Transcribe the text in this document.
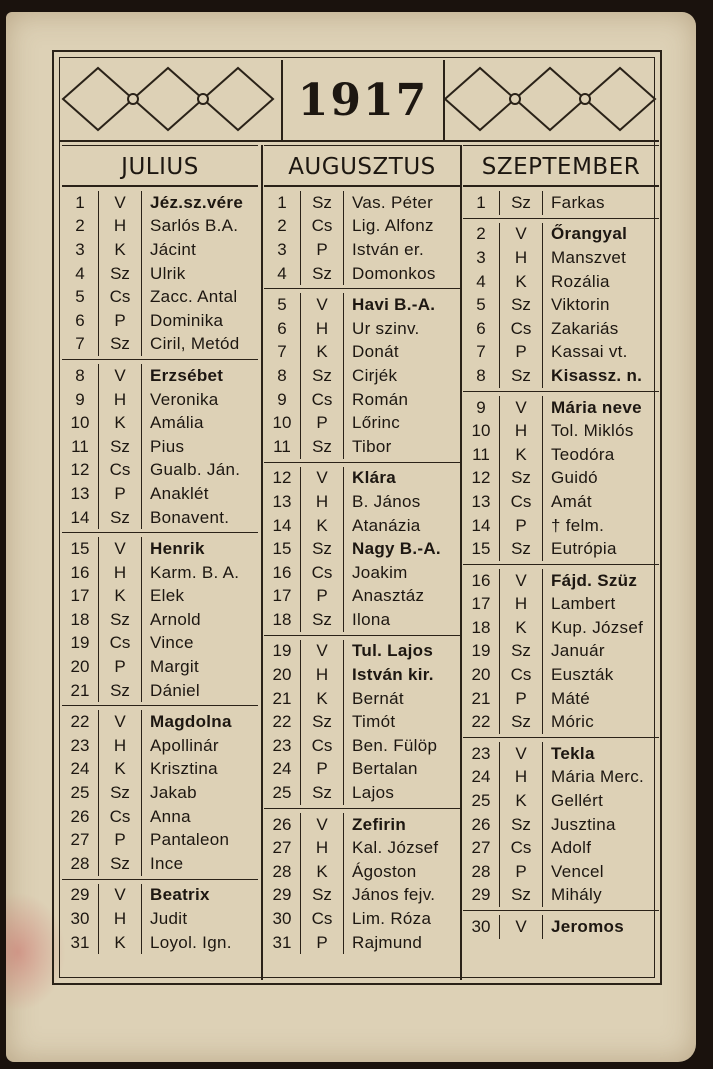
1917
JULIUS
1	V	Jéz.sz.vére
2	H	Sarlós B.A.
3	K	Jácint
4	Sz	Ulrik
5	Cs	Zacc. Antal
6	P	Dominika
7	Sz	Ciril, Metód
8	V	Erzsébet
9	H	Veronika
10	K	Amália
11	Sz	Pius
12	Cs	Gualb. Ján.
13	P	Anaklét
14	Sz	Bonavent.
15	V	Henrik
16	H	Karm. B. A.
17	K	Elek
18	Sz	Arnold
19	Cs	Vince
20	P	Margit
21	Sz	Dániel
22	V	Magdolna
23	H	Apollinár
24	K	Krisztina
25	Sz	Jakab
26	Cs	Anna
27	P	Pantaleon
28	Sz	Ince
29	V	Beatrix
30	H	Judit
31	K	Loyol. Ign.
AUGUSZTUS
1	Sz	Vas. Péter
2	Cs	Lig. Alfonz
3	P	István er.
4	Sz	Domonkos
5	V	Havi B.-A.
6	H	Ur szinv.
7	K	Donát
8	Sz	Cirjék
9	Cs	Román
10	P	Lőrinc
11	Sz	Tibor
12	V	Klára
13	H	B. János
14	K	Atanázia
15	Sz	Nagy B.-A.
16	Cs	Joakim
17	P	Anasztáz
18	Sz	Ilona
19	V	Tul. Lajos
20	H	István kir.
21	K	Bernát
22	Sz	Timót
23	Cs	Ben. Fülöp
24	P	Bertalan
25	Sz	Lajos
26	V	Zefirin
27	H	Kal. József
28	K	Ágoston
29	Sz	János fejv.
30	Cs	Lim. Róza
31	P	Rajmund
SZEPTEMBER
1	Sz	Farkas
2	V	Őrangyal
3	H	Manszvet
4	K	Rozália
5	Sz	Viktorin
6	Cs	Zakariás
7	P	Kassai vt.
8	Sz	Kisassz. n.
9	V	Mária neve
10	H	Tol. Miklós
11	K	Teodóra
12	Sz	Guidó
13	Cs	Amát
14	P	† felm.
15	Sz	Eutrópia
16	V	Fájd. Szüz
17	H	Lambert
18	K	Kup. József
19	Sz	Január
20	Cs	Euszták
21	P	Máté
22	Sz	Móric
23	V	Tekla
24	H	Mária Merc.
25	K	Gellért
26	Sz	Jusztina
27	Cs	Adolf
28	P	Vencel
29	Sz	Mihály
30	V	Jeromos
